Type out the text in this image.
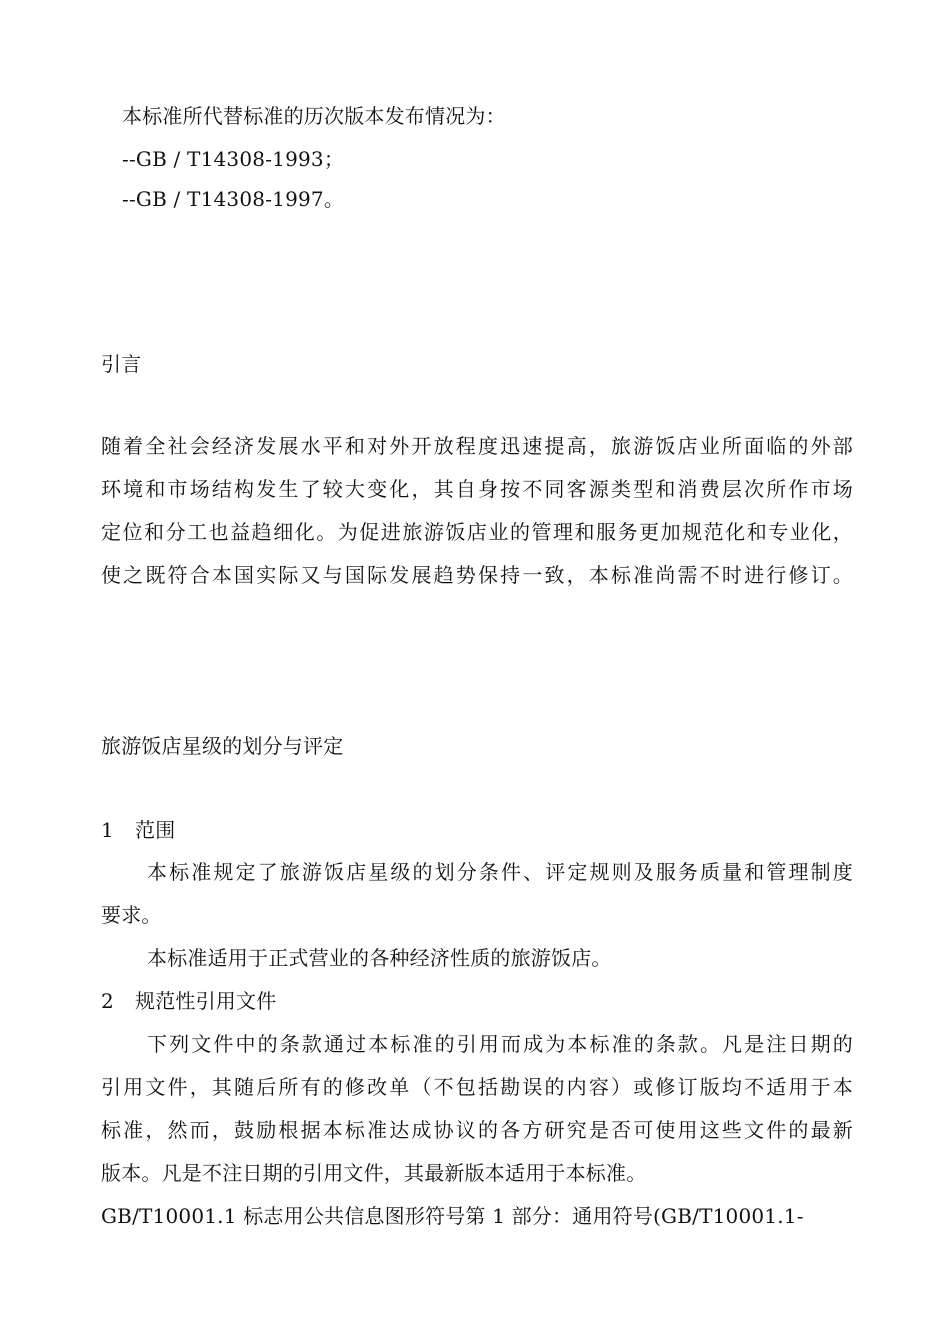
本标准所代替标准的历次版本发布情况为：
--GB / T14308-1993；
--GB / T14308-1997。
引言
随着全社会经济发展水平和对外开放程度迅速提高，旅游饭店业所面临的外部
环境和市场结构发生了较大变化，其自身按不同客源类型和消费层次所作市场
定位和分工也益趋细化。为促进旅游饭店业的管理和服务更加规范化和专业化，
使之既符合本国实际又与国际发展趋势保持一致，本标准尚需不时进行修订。
旅游饭店星级的划分与评定
1 范围
本标准规定了旅游饭店星级的划分条件、评定规则及服务质量和管理制度
要求。
本标准适用于正式营业的各种经济性质的旅游饭店。
2 规范性引用文件
下列文件中的条款通过本标准的引用而成为本标准的条款。凡是注日期的
引用文件，其随后所有的修改单（不包括勘误的内容）或修订版均不适用于本
标准，然而，鼓励根据本标准达成协议的各方研究是否可使用这些文件的最新
版本。凡是不注日期的引用文件，其最新版本适用于本标准。
GB/T10001.1 标志用公共信息图形符号第 1 部分：通用符号(GB/T10001.1-
